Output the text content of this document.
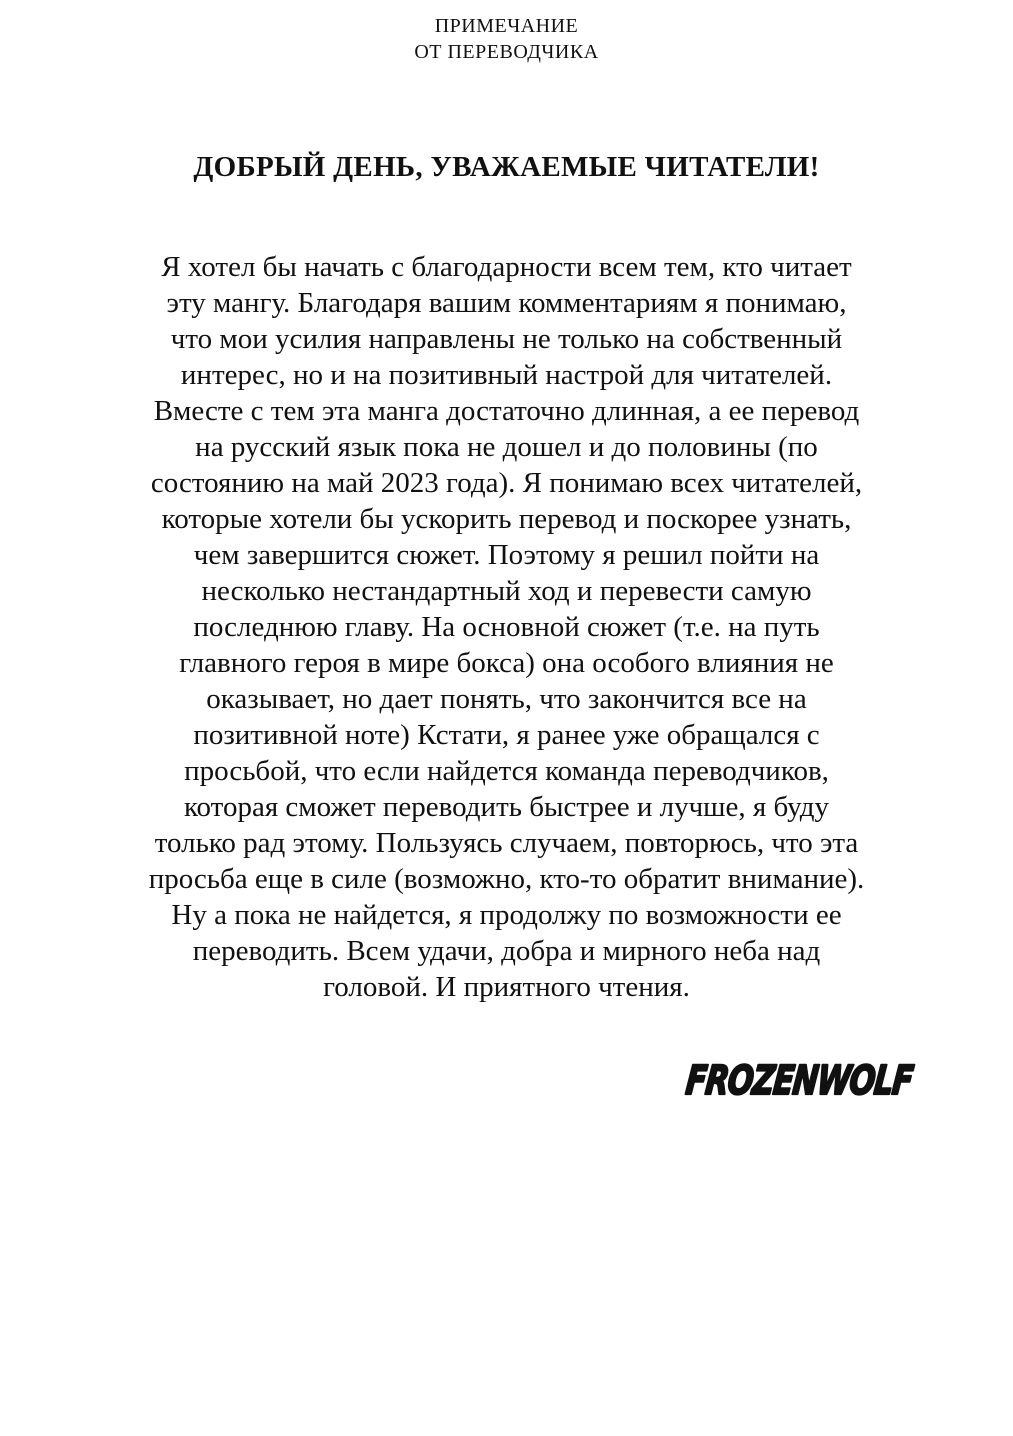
ПРИМЕЧАНИЕ
ОТ ПЕРЕВОДЧИКА
ДОБРЫЙ ДЕНЬ, УВАЖАЕМЫЕ ЧИТАТЕЛИ!
Я хотел бы начать с благодарности всем тем, кто читает
эту мангу. Благодаря вашим комментариям я понимаю,
что мои усилия направлены не только на собственный
интерес, но и на позитивный настрой для читателей.
Вместе с тем эта манга достаточно длинная, а ее перевод
на русский язык пока не дошел и до половины (по
состоянию на май 2023 года). Я понимаю всех читателей,
которые хотели бы ускорить перевод и поскорее узнать,
чем завершится сюжет. Поэтому я решил пойти на
несколько нестандартный ход и перевести самую
последнюю главу. На основной сюжет (т.е. на путь
главного героя в мире бокса) она особого влияния не
оказывает, но дает понять, что закончится все на
позитивной ноте) Кстати, я ранее уже обращался с
просьбой, что если найдется команда переводчиков,
которая сможет переводить быстрее и лучше, я буду
только рад этому. Пользуясь случаем, повторюсь, что эта
просьба еще в силе (возможно, кто-то обратит внимание).
Ну а пока не найдется, я продолжу по возможности ее
переводить. Всем удачи, добра и мирного неба над
головой. И приятного чтения.
FROZENWOLF
